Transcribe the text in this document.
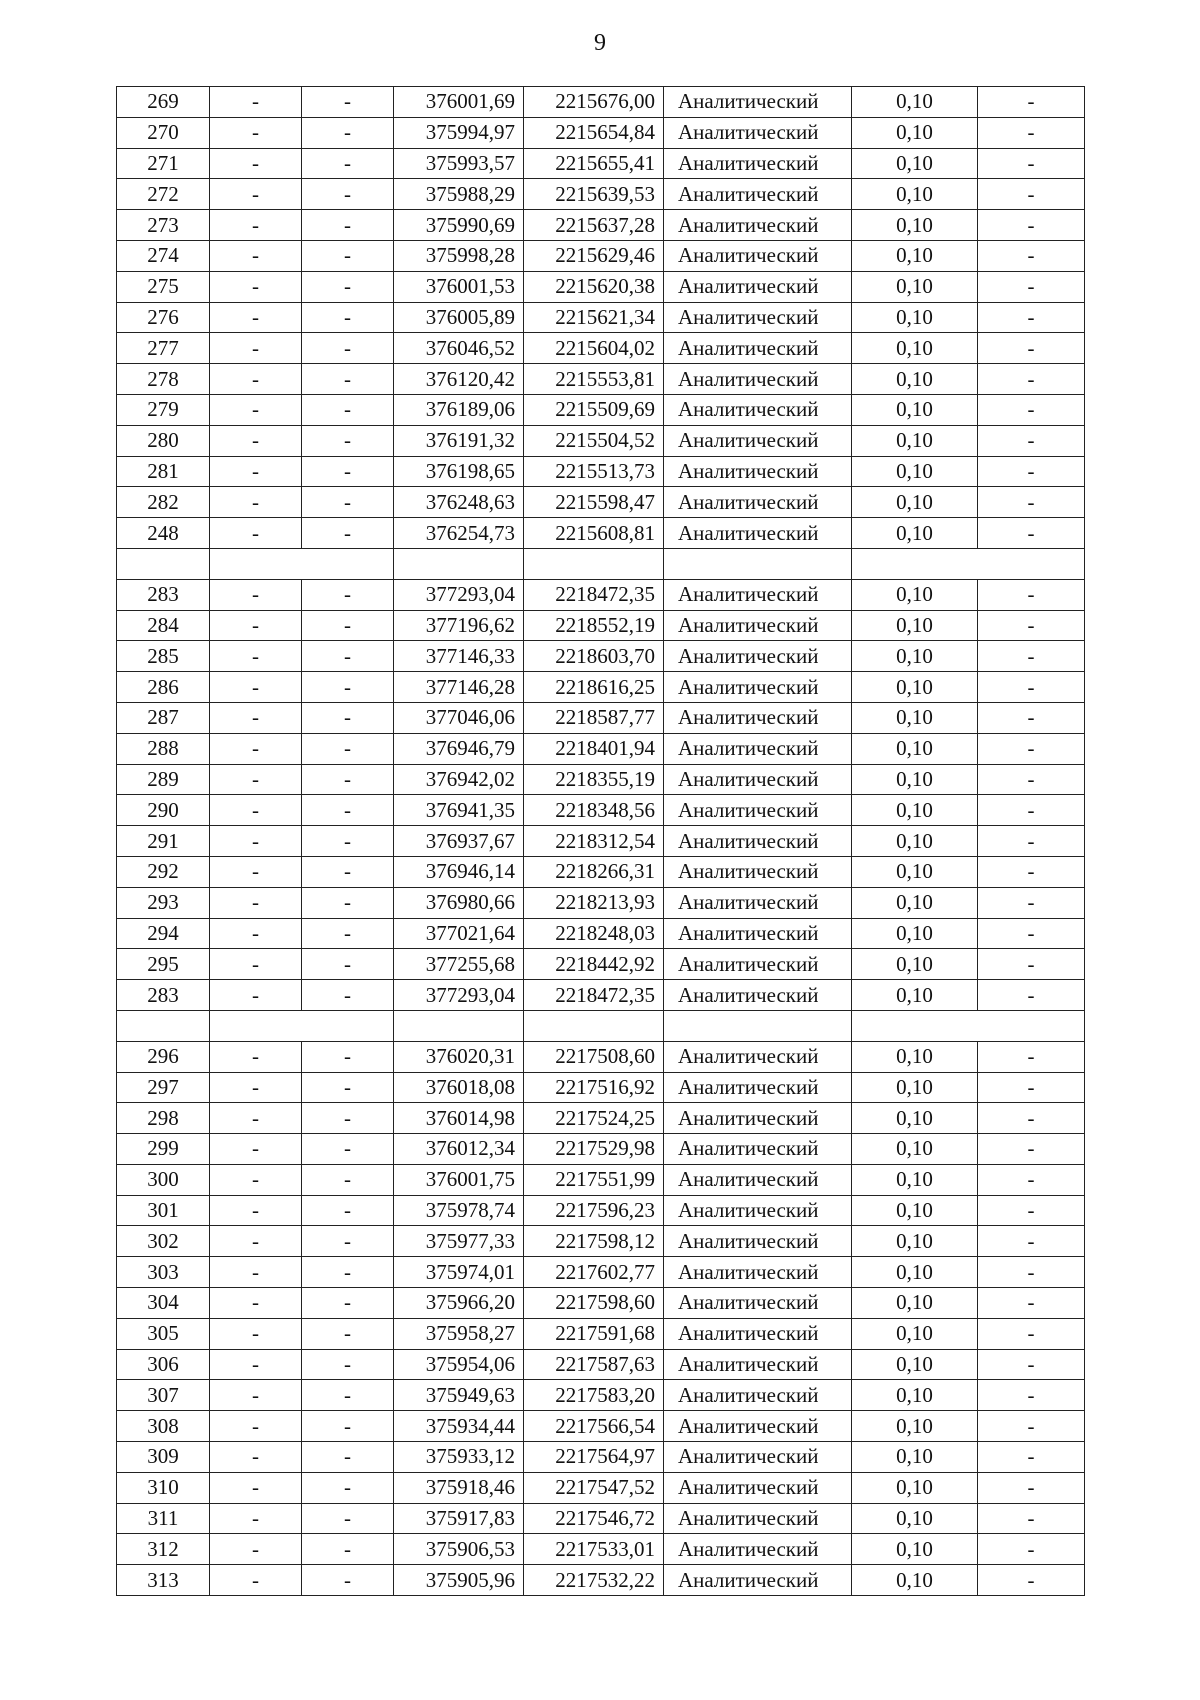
9
269	-	-	376001,69	2215676,00	Аналитический	0,10	-
270	-	-	375994,97	2215654,84	Аналитический	0,10	-
271	-	-	375993,57	2215655,41	Аналитический	0,10	-
272	-	-	375988,29	2215639,53	Аналитический	0,10	-
273	-	-	375990,69	2215637,28	Аналитический	0,10	-
274	-	-	375998,28	2215629,46	Аналитический	0,10	-
275	-	-	376001,53	2215620,38	Аналитический	0,10	-
276	-	-	376005,89	2215621,34	Аналитический	0,10	-
277	-	-	376046,52	2215604,02	Аналитический	0,10	-
278	-	-	376120,42	2215553,81	Аналитический	0,10	-
279	-	-	376189,06	2215509,69	Аналитический	0,10	-
280	-	-	376191,32	2215504,52	Аналитический	0,10	-
281	-	-	376198,65	2215513,73	Аналитический	0,10	-
282	-	-	376248,63	2215598,47	Аналитический	0,10	-
248	-	-	376254,73	2215608,81	Аналитический	0,10	-

283	-	-	377293,04	2218472,35	Аналитический	0,10	-
284	-	-	377196,62	2218552,19	Аналитический	0,10	-
285	-	-	377146,33	2218603,70	Аналитический	0,10	-
286	-	-	377146,28	2218616,25	Аналитический	0,10	-
287	-	-	377046,06	2218587,77	Аналитический	0,10	-
288	-	-	376946,79	2218401,94	Аналитический	0,10	-
289	-	-	376942,02	2218355,19	Аналитический	0,10	-
290	-	-	376941,35	2218348,56	Аналитический	0,10	-
291	-	-	376937,67	2218312,54	Аналитический	0,10	-
292	-	-	376946,14	2218266,31	Аналитический	0,10	-
293	-	-	376980,66	2218213,93	Аналитический	0,10	-
294	-	-	377021,64	2218248,03	Аналитический	0,10	-
295	-	-	377255,68	2218442,92	Аналитический	0,10	-
283	-	-	377293,04	2218472,35	Аналитический	0,10	-

296	-	-	376020,31	2217508,60	Аналитический	0,10	-
297	-	-	376018,08	2217516,92	Аналитический	0,10	-
298	-	-	376014,98	2217524,25	Аналитический	0,10	-
299	-	-	376012,34	2217529,98	Аналитический	0,10	-
300	-	-	376001,75	2217551,99	Аналитический	0,10	-
301	-	-	375978,74	2217596,23	Аналитический	0,10	-
302	-	-	375977,33	2217598,12	Аналитический	0,10	-
303	-	-	375974,01	2217602,77	Аналитический	0,10	-
304	-	-	375966,20	2217598,60	Аналитический	0,10	-
305	-	-	375958,27	2217591,68	Аналитический	0,10	-
306	-	-	375954,06	2217587,63	Аналитический	0,10	-
307	-	-	375949,63	2217583,20	Аналитический	0,10	-
308	-	-	375934,44	2217566,54	Аналитический	0,10	-
309	-	-	375933,12	2217564,97	Аналитический	0,10	-
310	-	-	375918,46	2217547,52	Аналитический	0,10	-
311	-	-	375917,83	2217546,72	Аналитический	0,10	-
312	-	-	375906,53	2217533,01	Аналитический	0,10	-
313	-	-	375905,96	2217532,22	Аналитический	0,10	-
